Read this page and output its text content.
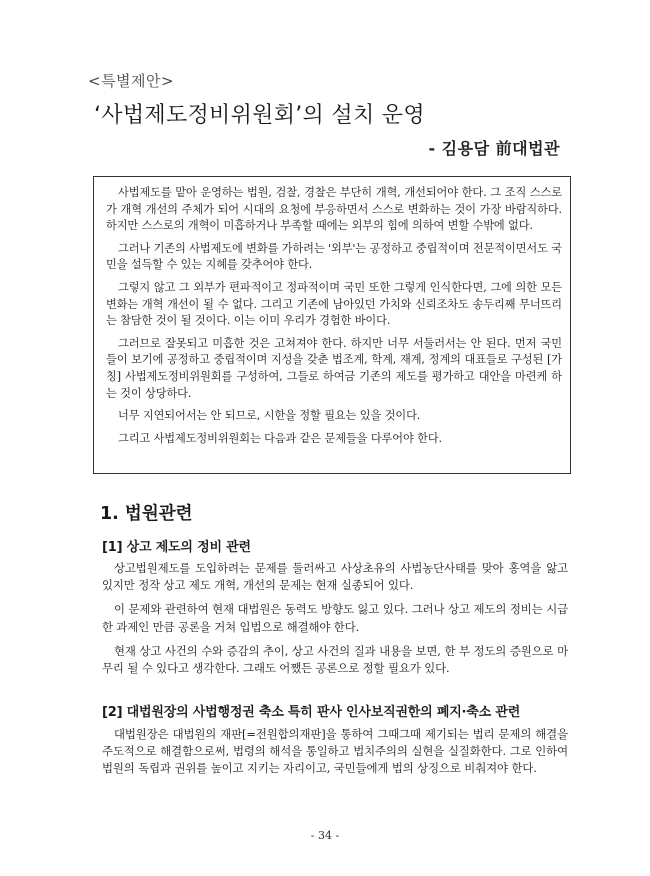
<특별제안>
‘사법제도정비위원회’의 설치 운영
- 김용담 前대법관

사법제도를 맡아 운영하는 법원, 검찰, 경찰은 부단히 개혁, 개선되어야 한다. 그 조직 스스로가 개혁 개선의 주체가 되어 시대의 요청에 부응하면서 스스로 변화하는 것이 가장 바람직하다. 하지만 스스로의 개혁이 미흡하거나 부족할 때에는 외부의 힘에 의하여 변할 수밖에 없다.

그러나 기존의 사법제도에 변화를 가하려는 '외부'는 공정하고 중립적이며 전문적이면서도 국민을 설득할 수 있는 지혜를 갖추어야 한다.

그렇지 않고 그 외부가 편파적이고 정파적이며 국민 또한 그렇게 인식한다면, 그에 의한 모든 변화는 개혁 개선이 될 수 없다. 그리고 기존에 남아있던 가치와 신뢰조차도 송두리째 무너뜨리는 참담한 것이 될 것이다. 이는 이미 우리가 경험한 바이다.

그러므로 잘못되고 미흡한 것은 고쳐져야 한다. 하지만 너무 서둘러서는 안 된다. 먼저 국민들이 보기에 공정하고 중립적이며 지성을 갖춘 법조계, 학계, 재계, 정계의 대표들로 구성된 [가칭] 사법제도정비위원회를 구성하여, 그들로 하여금 기존의 제도를 평가하고 대안을 마련케 하는 것이 상당하다.

너무 지연되어서는 안 되므로, 시한을 정할 필요는 있을 것이다.

그리고 사법제도정비위원회는 다음과 같은 문제들을 다루어야 한다.

1. 법원관련
[1] 상고 제도의 정비 관련

상고법원제도를 도입하려는 문제를 둘러싸고 사상초유의 사법농단사태를 맞아 홍역을 앓고 있지만 정작 상고 제도 개혁, 개선의 문제는 현재 실종되어 있다.

이 문제와 관련하여 현재 대법원은 동력도 방향도 잃고 있다. 그러나 상고 제도의 정비는 시급한 과제인 만큼 공론을 거쳐 입법으로 해결해야 한다.

현재 상고 사건의 수와 증감의 추이, 상고 사건의 질과 내용을 보면, 한 부 정도의 증원으로 마무리 될 수 있다고 생각한다. 그래도 어쨌든 공론으로 정할 필요가 있다.

[2] 대법원장의 사법행정권 축소 특히 판사 인사보직권한의 폐지·축소 관련

대법원장은 대법원의 재판[=전원합의재판]을 통하여 그때그때 제기되는 법리 문제의 해결을 주도적으로 해결함으로써, 법령의 해석을 통일하고 법치주의의 실현을 실질화한다. 그로 인하여 법원의 독립과 권위를 높이고 지키는 자리이고, 국민들에게 법의 상징으로 비춰져야 한다.

- 34 -
